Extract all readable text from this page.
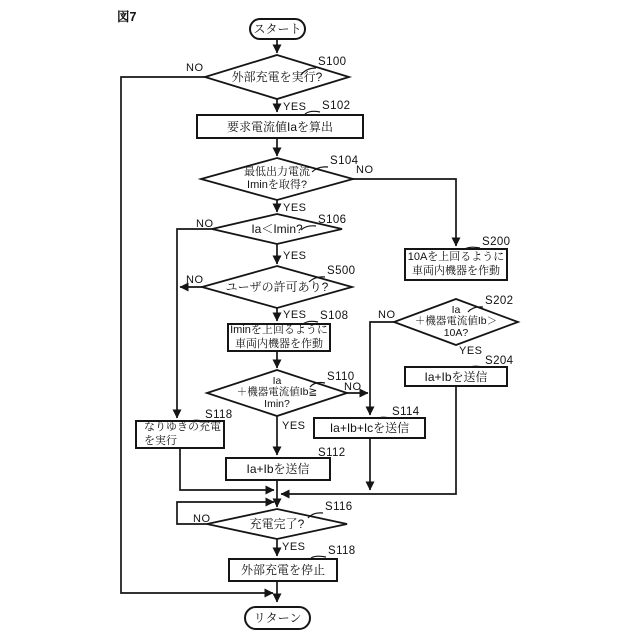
図7
スタート
リターン
要求電流値Iaを算出
Iminを上回るように
車両内機器を作動
なりゆきの充電
を実行
Ia+Ib+Icを送信
Ia+Ibを送信
10Aを上回るように
車両内機器を作動
Ia+Ibを送信
外部充電を停止
外部充電を実行?
最低出力電流
Iminを取得?
Ia＜Imin?
ユーザの許可あり?
Ia
＋機器電流値Ib≧
Imin?
Ia
＋機器電流値Ib＞
10A?
充電完了?
S100
S102
S104
S106
S500
S108
S110
S118	S114
S112
S200
S202
S204
S116
S118
NO
YES
NO
YES
NO
YES
NO
YES
NO
YES
NO
YES
NO
YES
